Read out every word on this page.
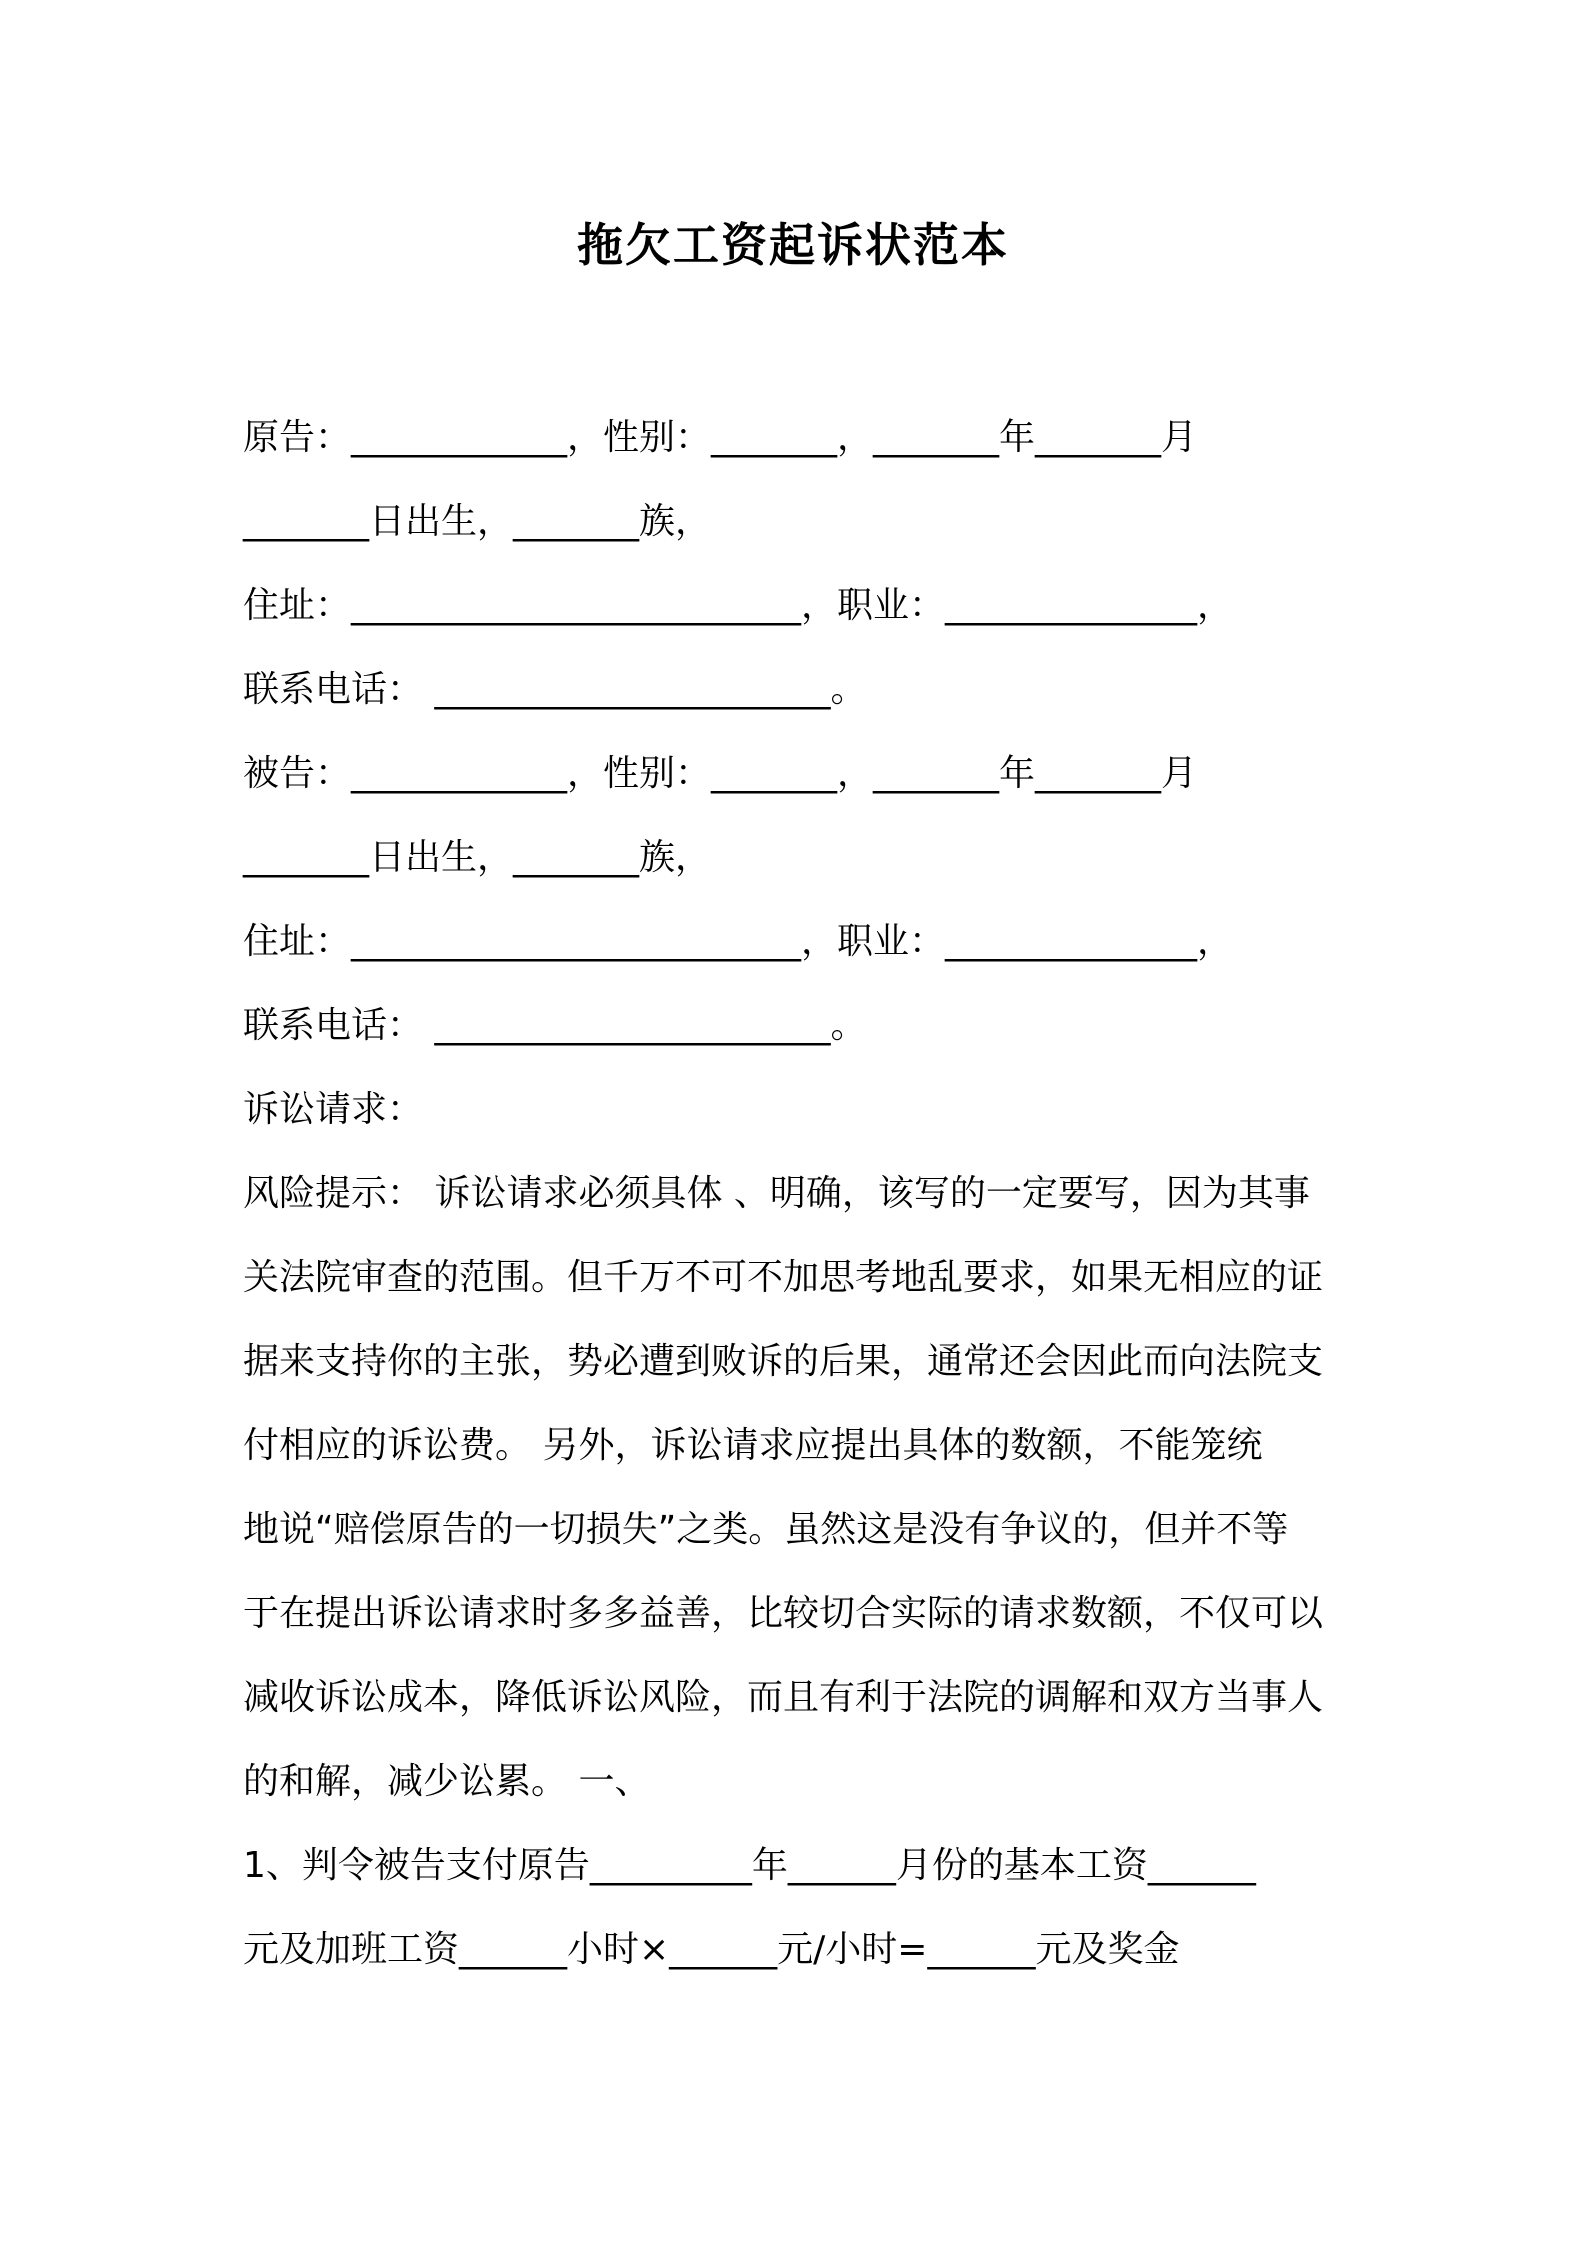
拖欠工资起诉状范本
原告：____________，性别：_______，_______年_______月
_______日出生，_______族，
住址：_________________________，职业：______________，
联系电话： ______________________。
被告：____________，性别：_______，_______年_______月
_______日出生，_______族，
住址：_________________________，职业：______________，
联系电话： ______________________。
诉讼请求：
风险提示： 诉讼请求必须具体 、明确，该写的一定要写，因为其事
关法院审查的范围。但千万不可不加思考地乱要求，如果无相应的证
据来支持你的主张，势必遭到败诉的后果，通常还会因此而向法院支
付相应的诉讼费。 另外，诉讼请求应提出具体的数额，不能笼统
地说“赔偿原告的一切损失”之类。虽然这是没有争议的，但并不等
于在提出诉讼请求时多多益善，比较切合实际的请求数额，不仅可以
减收诉讼成本，降低诉讼风险，而且有利于法院的调解和双方当事人
的和解，减少讼累。 一、
1、判令被告支付原告_________年______月份的基本工资______
元及加班工资______小时×______元/小时=______元及奖金
